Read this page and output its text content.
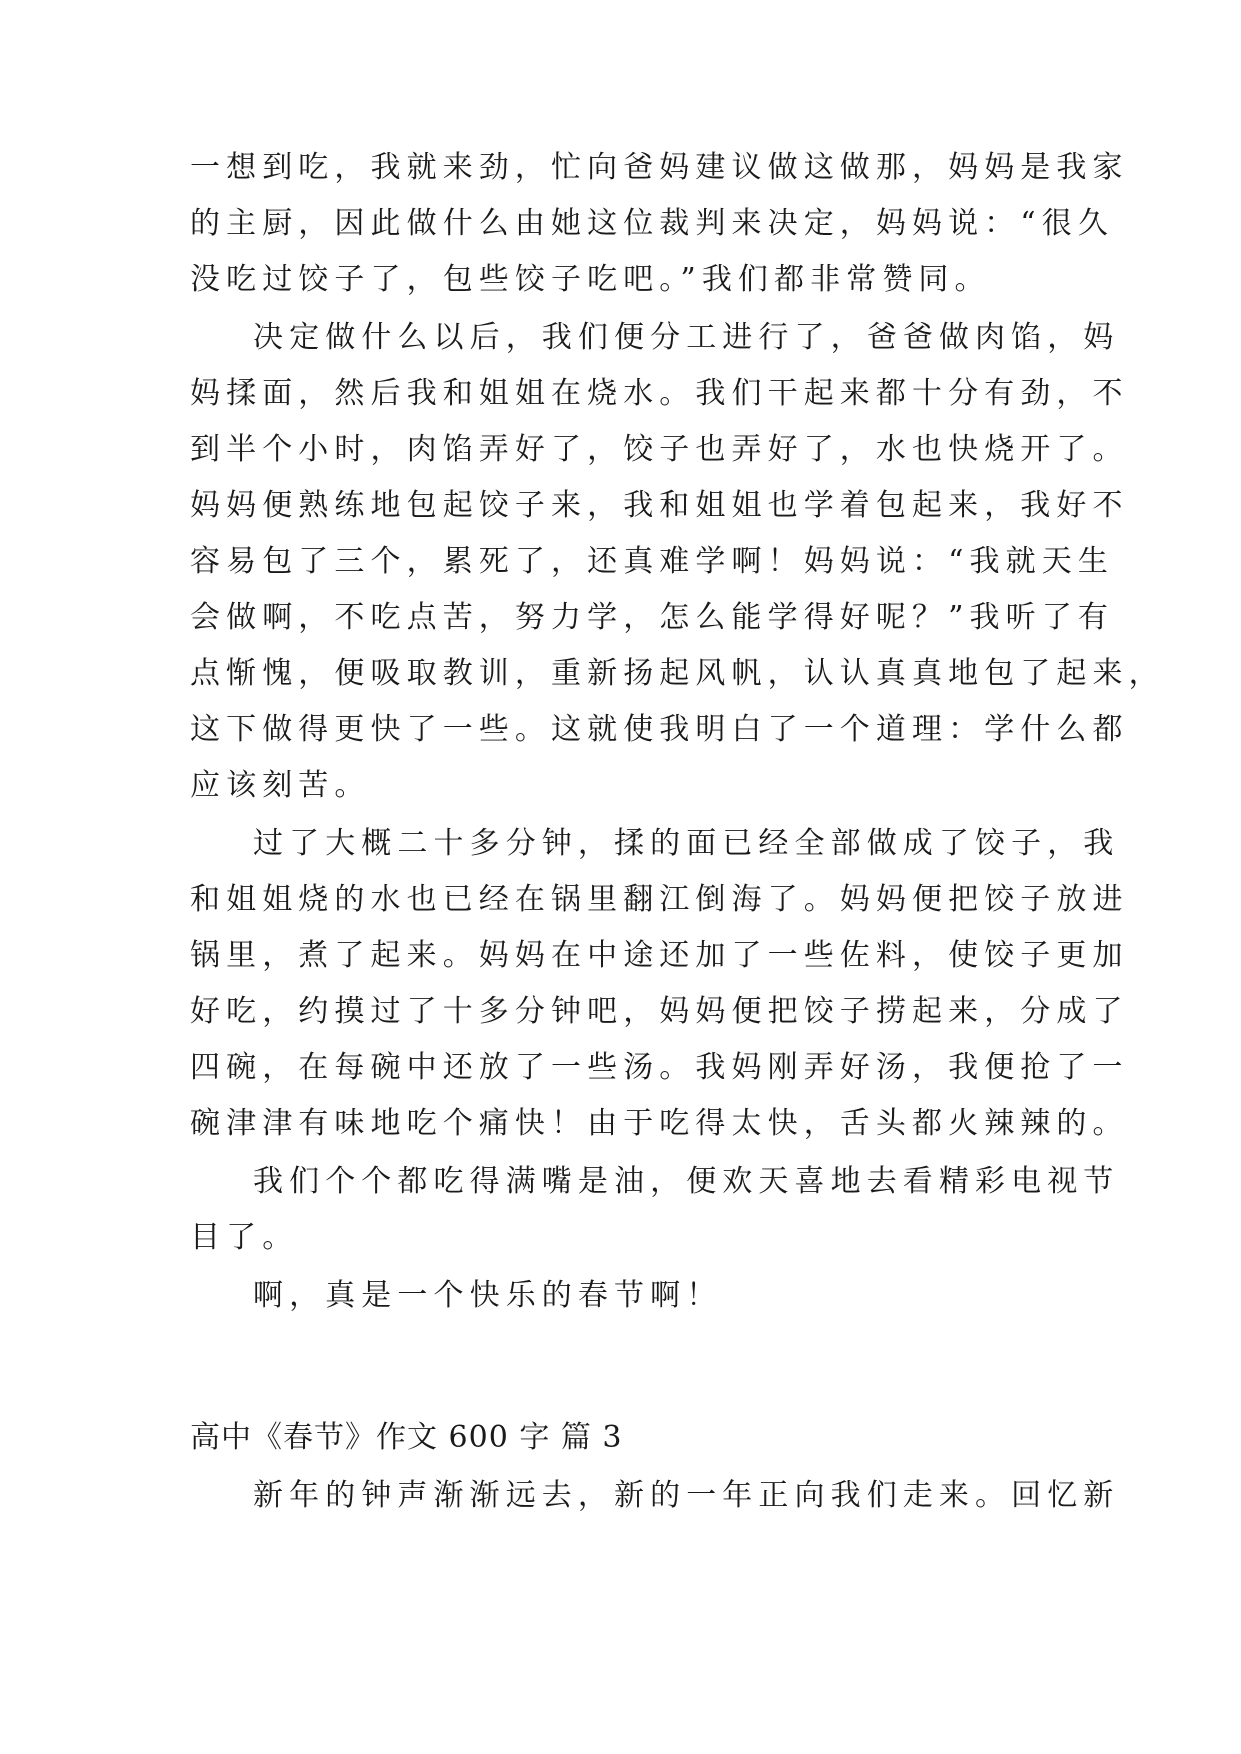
一想到吃，我就来劲，忙向爸妈建议做这做那，妈妈是我家
的主厨，因此做什么由她这位裁判来决定，妈妈说：“很久
没吃过饺子了，包些饺子吃吧。”我们都非常赞同。
决定做什么以后，我们便分工进行了，爸爸做肉馅，妈
妈揉面，然后我和姐姐在烧水。我们干起来都十分有劲，不
到半个小时，肉馅弄好了，饺子也弄好了，水也快烧开了。
妈妈便熟练地包起饺子来，我和姐姐也学着包起来，我好不
容易包了三个，累死了，还真难学啊！妈妈说：“我就天生
会做啊，不吃点苦，努力学，怎么能学得好呢？”我听了有
点惭愧，便吸取教训，重新扬起风帆，认认真真地包了起来，
这下做得更快了一些。这就使我明白了一个道理：学什么都
应该刻苦。
过了大概二十多分钟，揉的面已经全部做成了饺子，我
和姐姐烧的水也已经在锅里翻江倒海了。妈妈便把饺子放进
锅里，煮了起来。妈妈在中途还加了一些佐料，使饺子更加
好吃，约摸过了十多分钟吧，妈妈便把饺子捞起来，分成了
四碗，在每碗中还放了一些汤。我妈刚弄好汤，我便抢了一
碗津津有味地吃个痛快！由于吃得太快，舌头都火辣辣的。
我们个个都吃得满嘴是油，便欢天喜地去看精彩电视节
目了。
啊，真是一个快乐的春节啊！
高中《春节》作文 600 字 篇 3
新年的钟声渐渐远去，新的一年正向我们走来。回忆新
